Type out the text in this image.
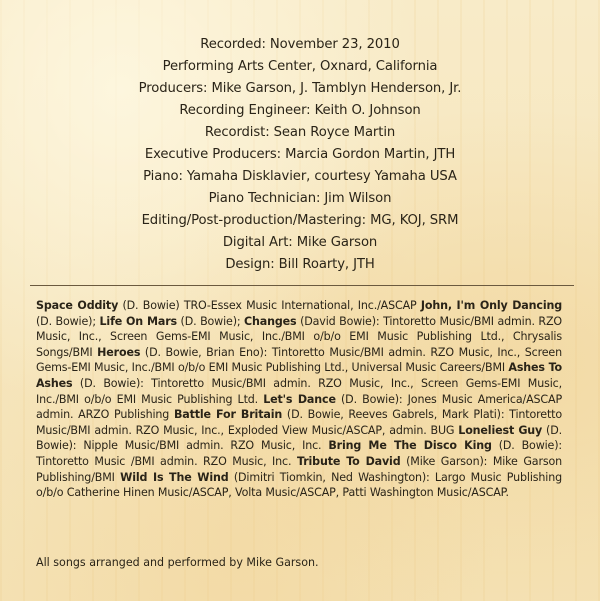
Recorded: November 23, 2010
Performing Arts Center, Oxnard, California
Producers: Mike Garson, J. Tamblyn Henderson, Jr.
Recording Engineer: Keith O. Johnson
Recordist: Sean Royce Martin
Executive Producers: Marcia Gordon Martin, JTH
Piano: Yamaha Disklavier, courtesy Yamaha USA
Piano Technician: Jim Wilson
Editing/Post-production/Mastering: MG, KOJ, SRM
Digital Art: Mike Garson
Design: Bill Roarty, JTH
Space Oddity (D. Bowie) TRO-Essex Music International, Inc./ASCAP John, I'm Only Dancing (D. Bowie); Life On Mars (D. Bowie); Changes (David Bowie): Tintoretto Music/BMI admin. RZO Music, Inc., Screen Gems-EMI Music, Inc./BMI o/b/o EMI Music Publishing Ltd., Chrysalis Songs/BMI Heroes (D. Bowie, Brian Eno): Tintoretto Music/BMI admin. RZO Music, Inc., Screen Gems-EMI Music, Inc./BMI o/b/o EMI Music Publishing Ltd., Universal Music Careers/BMI Ashes To Ashes (D. Bowie): Tintoretto Music/BMI admin. RZO Music, Inc., Screen Gems-EMI Music, Inc./BMI o/b/o EMI Music Publishing Ltd. Let's Dance (D. Bowie): Jones Music America/ASCAP admin. ARZO Publishing Battle For Britain (D. Bowie, Reeves Gabrels, Mark Plati): Tintoretto Music/BMI admin. RZO Music, Inc., Exploded View Music/ASCAP, admin. BUG Loneliest Guy (D. Bowie): Nipple Music/BMI admin. RZO Music, Inc. Bring Me The Disco King (D. Bowie): Tintoretto Music /BMI admin. RZO Music, Inc. Tribute To David (Mike Garson): Mike Garson Publishing/BMI Wild Is The Wind (Dimitri Tiomkin, Ned Washington): Largo Music Publishing o/b/o Catherine Hinen Music/ASCAP, Volta Music/ASCAP, Patti Washington Music/ASCAP.
All songs arranged and performed by Mike Garson.
